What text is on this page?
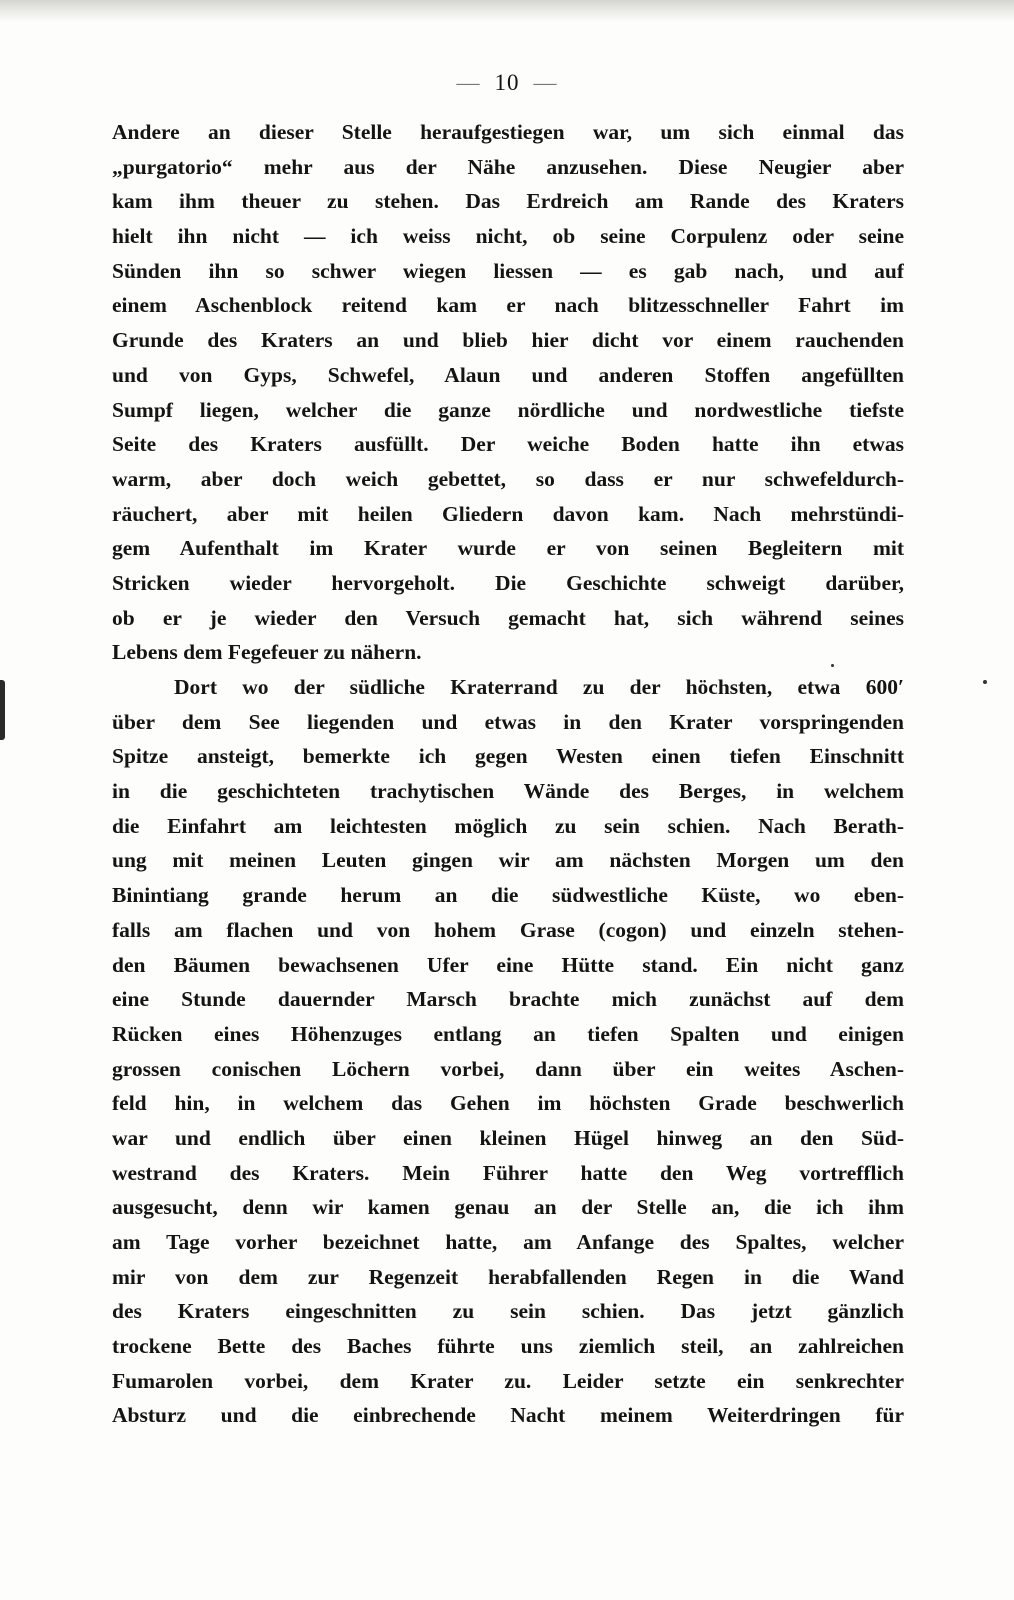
— 10 —
Andere an dieser Stelle heraufgestiegen war, um sich einmal das
„purgatorio“ mehr aus der Nähe anzusehen. Diese Neugier aber
kam ihm theuer zu stehen. Das Erdreich am Rande des Kraters
hielt ihn nicht — ich weiss nicht, ob seine Corpulenz oder seine
Sünden ihn so schwer wiegen liessen — es gab nach, und auf
einem Aschenblock reitend kam er nach blitzesschneller Fahrt im
Grunde des Kraters an und blieb hier dicht vor einem rauchenden
und von Gyps, Schwefel, Alaun und anderen Stoffen angefüllten
Sumpf liegen, welcher die ganze nördliche und nordwestliche tiefste
Seite des Kraters ausfüllt. Der weiche Boden hatte ihn etwas
warm, aber doch weich gebettet, so dass er nur schwefeldurch-
räuchert, aber mit heilen Gliedern davon kam. Nach mehrstündi-
gem Aufenthalt im Krater wurde er von seinen Begleitern mit
Stricken wieder hervorgeholt. Die Geschichte schweigt darüber,
ob er je wieder den Versuch gemacht hat, sich während seines
Lebens dem Fegefeuer zu nähern.
Dort wo der südliche Kraterrand zu der höchsten, etwa 600′
über dem See liegenden und etwas in den Krater vorspringenden
Spitze ansteigt, bemerkte ich gegen Westen einen tiefen Einschnitt
in die geschichteten trachytischen Wände des Berges, in welchem
die Einfahrt am leichtesten möglich zu sein schien. Nach Berath-
ung mit meinen Leuten gingen wir am nächsten Morgen um den
Binintiang grande herum an die südwestliche Küste, wo eben-
falls am flachen und von hohem Grase (cogon) und einzeln stehen-
den Bäumen bewachsenen Ufer eine Hütte stand. Ein nicht ganz
eine Stunde dauernder Marsch brachte mich zunächst auf dem
Rücken eines Höhenzuges entlang an tiefen Spalten und einigen
grossen conischen Löchern vorbei, dann über ein weites Aschen-
feld hin, in welchem das Gehen im höchsten Grade beschwerlich
war und endlich über einen kleinen Hügel hinweg an den Süd-
westrand des Kraters. Mein Führer hatte den Weg vortrefflich
ausgesucht, denn wir kamen genau an der Stelle an, die ich ihm
am Tage vorher bezeichnet hatte, am Anfange des Spaltes, welcher
mir von dem zur Regenzeit herabfallenden Regen in die Wand
des Kraters eingeschnitten zu sein schien. Das jetzt gänzlich
trockene Bette des Baches führte uns ziemlich steil, an zahlreichen
Fumarolen vorbei, dem Krater zu. Leider setzte ein senkrechter
Absturz und die einbrechende Nacht meinem Weiterdringen für
